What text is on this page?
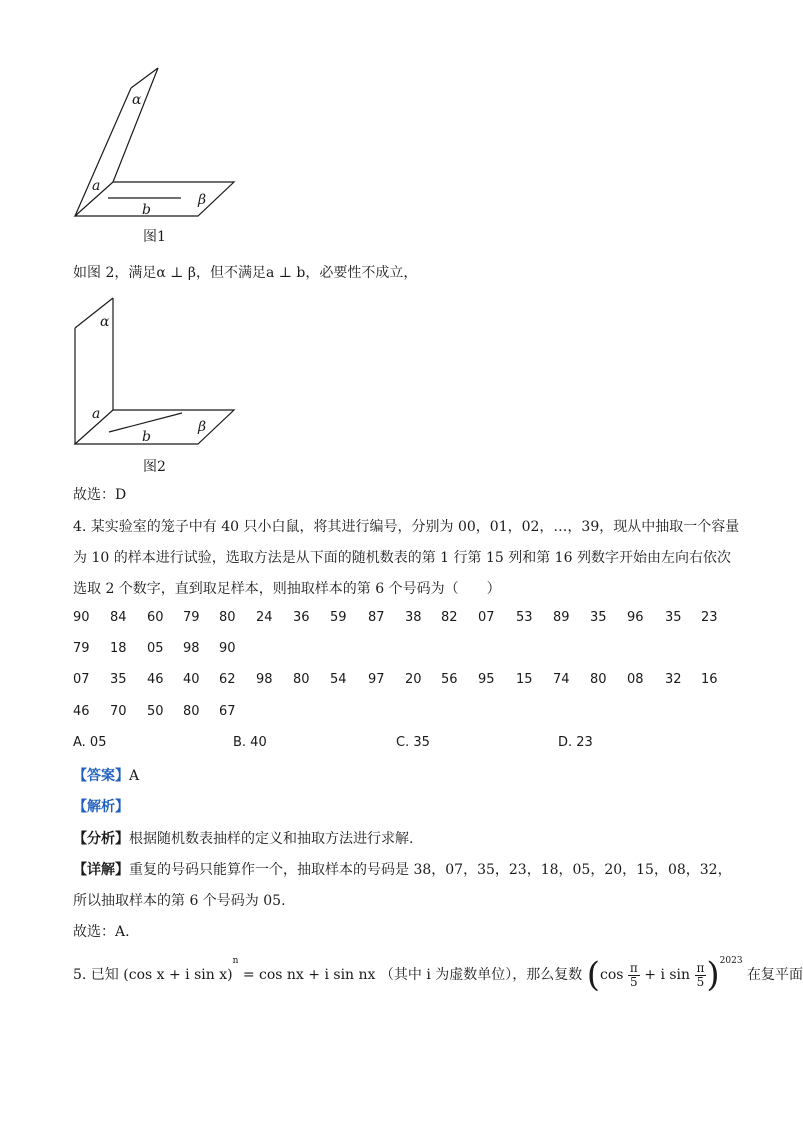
α
a
b
β
图1
如图 2，满足α ⊥ β，但不满足a ⊥ b，必要性不成立，
α
a
b
β
图2
故选：D
4. 某实验室的笼子中有 40 只小白鼠，将其进行编号，分别为 00，01，02，…，39，现从中抽取一个容量
为 10 的样本进行试验，选取方法是从下面的随机数表的第 1 行第 15 列和第 16 列数字开始由左向右依次
选取 2 个数字，直到取足样本，则抽取样本的第 6 个号码为（　　）
90 84 60 79 80 24 36 59 87 38 82 07 53 89 35 96 35 23
79 18 05 98 90
07 35 46 40 62 98 80 54 97 20 56 95 15 74 80 08 32 16
46 70 50 80 67
A. 05	B. 40	C. 35	D. 23
【答案】A
【解析】
【分析】根据随机数表抽样的定义和抽取方法进行求解.
【详解】重复的号码只能算作一个，抽取样本的号码是 38，07，35，23，18，05，20，15，08，32，
所以抽取样本的第 6 个号码为 05.
故选：A.
5. 已知 (cos x + i sin x)$^n$ = cos nx + i sin nx （其中 i 为虚数单位），那么复数 ($\cos \frac{\pi}{5} + i$ $\sin \frac{\pi}{5} )^{2023}$ 在复平面
